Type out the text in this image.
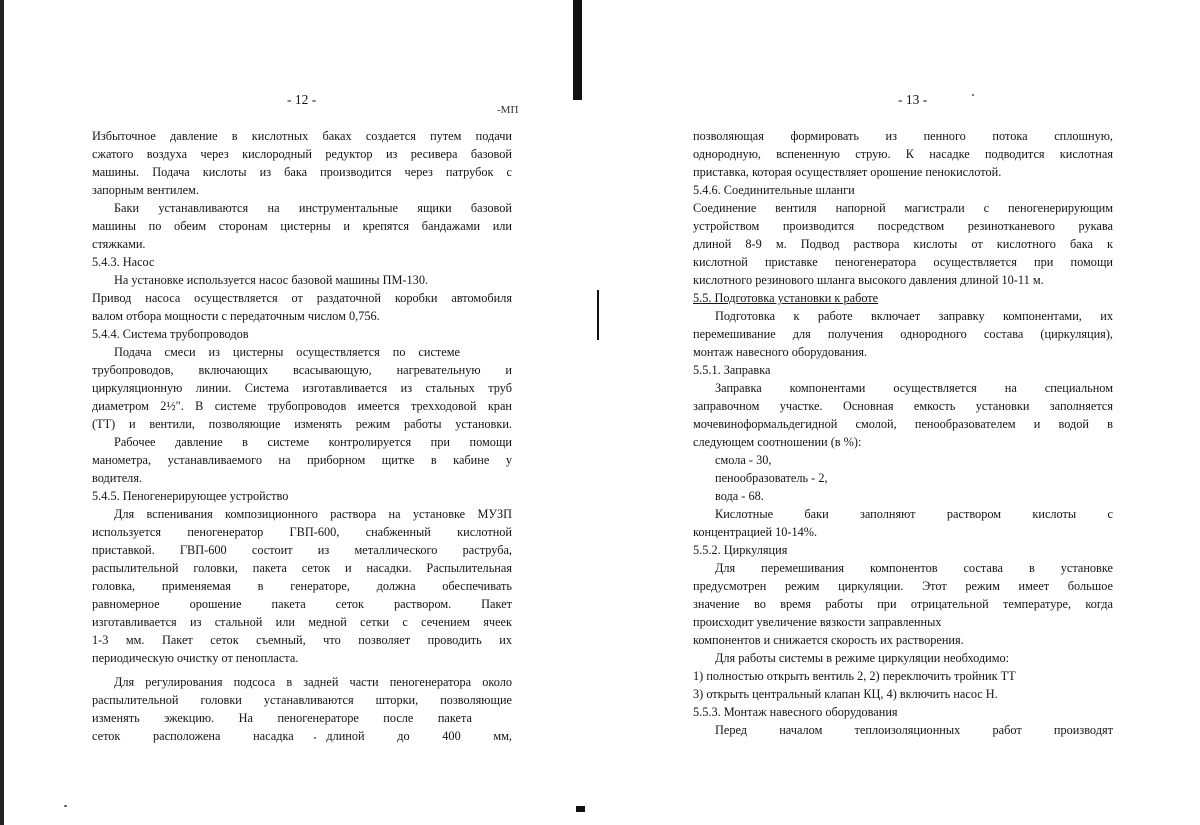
- 12 -
-МП

Избыточное давление в кислотных баках создается путем подачи

сжатого воздуха через кислородный редуктор из ресивера базовой

машины. Подача кислоты из бака производится через патрубок с

запорным вентилем.

Баки устанавливаются на инструментальные ящики базовой

машины по обеим сторонам цистерны и крепятся бандажами или

стяжками.

5.4.3. Насос

На установке используется насос базовой машины ПМ-130.

Привод насоса осуществляется от раздаточной коробки автомобиля

валом отбора мощности с передаточным числом 0,756.

5.4.4. Система трубопроводов

Подача смеси из цистерны осуществляется по системе

трубопроводов, включающих всасывающую, нагревательную и

циркуляционную линии. Система изготавливается из стальных труб

диаметром 2½". В системе трубопроводов имеется трехходовой кран

(ТТ) и вентили, позволяющие изменять режим работы установки.

Рабочее давление в системе контролируется при помощи

манометра, устанавливаемого на приборном щитке в кабине у

водителя.

5.4.5. Пеногенерирующее устройство

Для вспенивания композиционного раствора на установке МУЗП

используется пеногенератор ГВП-600, снабженный кислотной

приставкой. ГВП-600 состоит из металлического раструба,

распылительной головки, пакета сеток и насадки. Распылительная

головка, применяемая в генераторе, должна обеспечивать

равномерное орошение пакета сеток раствором. Пакет

изготавливается из стальной или медной сетки с сечением ячеек

1-3 мм. Пакет сеток съемный, что позволяет проводить их

периодическую очистку от пенопласта.

Для регулирования подсоса в задней части пеногенератора около

распылительной головки устанавливаются шторки, позволяющие

изменять эжекцию. На пеногенераторе после пакета

сеток расположена насадка длиной до 400 мм,

- 13 -

позволяющая формировать из пенного потока сплошную,

однородную, вспененную струю. К насадке подводится кислотная

приставка, которая осуществляет орошение пенокислотой.

5.4.6. Соединительные шланги

Соединение вентиля напорной магистрали с пеногенерирующим

устройством производится посредством резинотканевого рукава

длиной 8-9 м. Подвод раствора кислоты от кислотного бака к

кислотной приставке пеногенератора осуществляется при помощи

кислотного резинового шланга высокого давления длиной 10-11 м.

5.5. Подготовка установки к работе

Подготовка к работе включает заправку компонентами, их

перемешивание для получения однородного состава (циркуляция),

монтаж навесного оборудования.

5.5.1. Заправка

Заправка компонентами осуществляется на специальном

заправочном участке. Основная емкость установки заполняется

мочевиноформальдегидной смолой, пенообразователем и водой в

следующем соотношении (в %):

смола - 30,

пенообразователь - 2,

вода - 68.

Кислотные баки заполняют раствором кислоты с

концентрацией 10-14%.

5.5.2. Циркуляция

Для перемешивания компонентов состава в установке

предусмотрен режим циркуляции. Этот режим имеет большое

значение во время работы при отрицательной температуре, когда

происходит увеличение вязкости заправленных

компонентов и снижается скорость их растворения.

Для работы системы в режиме циркуляции необходимо:

1) полностью открыть вентиль 2, 2) переключить тройник ТТ

3) открыть центральный клапан КЦ, 4) включить насос Н.

5.5.3. Монтаж навесного оборудования

Перед началом теплоизоляционных работ производят
